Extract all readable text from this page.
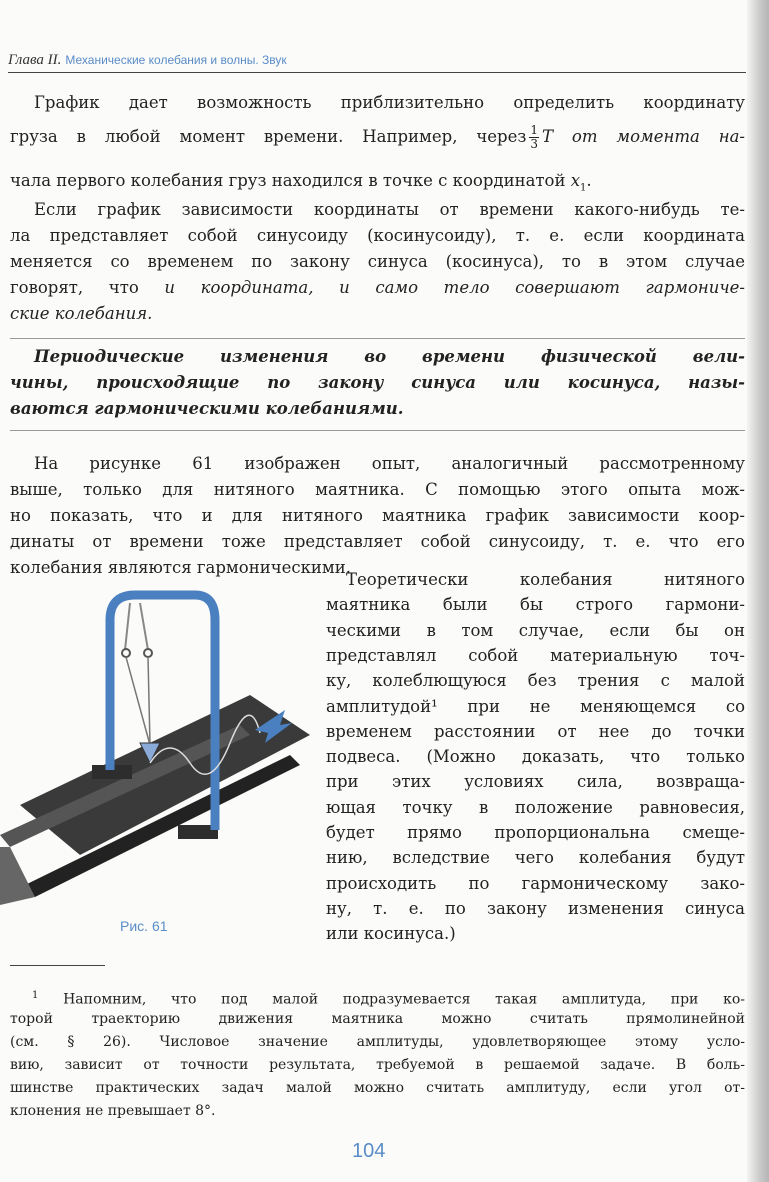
Глава II. Механические колебания и волны. Звук
График дает возможность приблизительно определить координату
груза в любой момент времени. Например, через $\frac{1}{3}$ T от момента на-
чала первого колебания груз находился в точке с координатой $x_1$.
Если график зависимости координаты от времени какого-нибудь те-
ла представляет собой синусоиду (косинусоиду), т. е. если координата
меняется со временем по закону синуса (косинуса), то в этом случае
говорят, что и координата, и само тело совершают гармониче-
ские колебания.
Периодические изменения во времени физической вели-
чины, происходящие по закону синуса или косинуса, назы-
ваются гармоническими колебаниями.
На рисунке 61 изображен опыт, аналогичный рассмотренному
выше, только для нитяного маятника. С помощью этого опыта мож-
но показать, что и для нитяного маятника график зависимости коор-
динаты от времени тоже представляет собой синусоиду, т. е. что его
колебания являются гармоническими.
Рис. 61
$^1$ Напомним, что под малой подразумевается такая амплитуда, при ко-
торой траекторию движения маятника можно считать прямолинейной
(см. § 26). Числовое значение амплитуды, удовлетворяющее этому усло-
вию, зависит от точности результата, требуемой в решаемой задаче. В боль-
шинстве практических задач малой можно считать амплитуду, если угол от-
клонения не превышает 8°.
104
Теоретически колебания нитяного
маятника были бы строго гармони-
ческими в том случае, если бы он
представлял собой материальную точ-
ку, колеблющуюся без трения с малой
амплитудой¹ при не меняющемся со
временем расстоянии от нее до точки
подвеса. (Можно доказать, что только
при этих условиях сила, возвраща-
ющая точку в положение равновесия,
будет прямо пропорциональна смеще-
нию, вследствие чего колебания будут
происходить по гармоническому зако-
ну, т. е. по закону изменения синуса
или косинуса.)
